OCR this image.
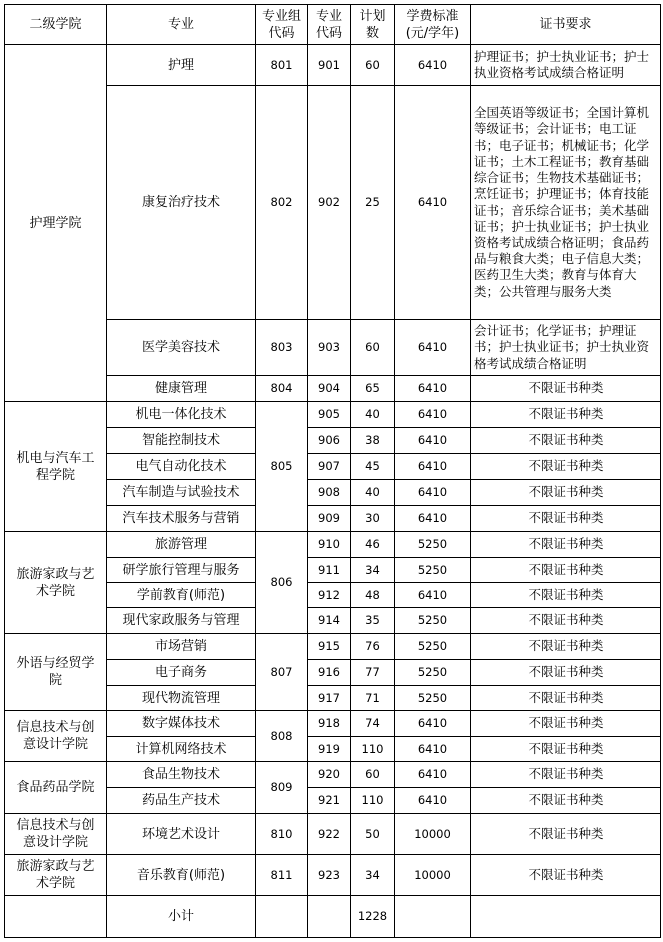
二级学院	专业	专业组代码	专业代码	计划数	学费标准(元/学年)	证书要求
护理学院	护理	801	901	60	6410	护理证书；护士执业证书；护士执业资格考试成绩合格证明
	康复治疗技术	802	902	25	6410	全国英语等级证书；全国计算机等级证书；会计证书；电工证书；电子证书；机械证书；化学证书；土木工程证书；教育基础综合证书；生物技术基础证书；烹饪证书；护理证书；体育技能证书；音乐综合证书；美术基础证书；护士执业证书；护士执业资格考试成绩合格证明；食品药品与粮食大类；电子信息大类；医药卫生大类；教育与体育大类；公共管理与服务大类
	医学美容技术	803	903	60	6410	会计证书；化学证书；护理证书；护士执业证书；护士执业资格考试成绩合格证明
	健康管理	804	904	65	6410	不限证书种类
机电与汽车工程学院	机电一体化技术	805	905	40	6410	不限证书种类
	智能控制技术		906	38	6410	不限证书种类
	电气自动化技术		907	45	6410	不限证书种类
	汽车制造与试验技术		908	40	6410	不限证书种类
	汽车技术服务与营销		909	30	6410	不限证书种类
旅游家政与艺术学院	旅游管理	806	910	46	5250	不限证书种类
	研学旅行管理与服务		911	34	5250	不限证书种类
	学前教育(师范)		912	48	6410	不限证书种类
	现代家政服务与管理		914	35	5250	不限证书种类
外语与经贸学院	市场营销	807	915	76	5250	不限证书种类
	电子商务		916	77	5250	不限证书种类
	现代物流管理		917	71	5250	不限证书种类
信息技术与创意设计学院	数字媒体技术	808	918	74	6410	不限证书种类
	计算机网络技术		919	110	6410	不限证书种类
食品药品学院	食品生物技术	809	920	60	6410	不限证书种类
	药品生产技术		921	110	6410	不限证书种类
信息技术与创意设计学院	环境艺术设计	810	922	50	10000	不限证书种类
旅游家政与艺术学院	音乐教育(师范)	811	923	34	10000	不限证书种类
	小计			1228		
